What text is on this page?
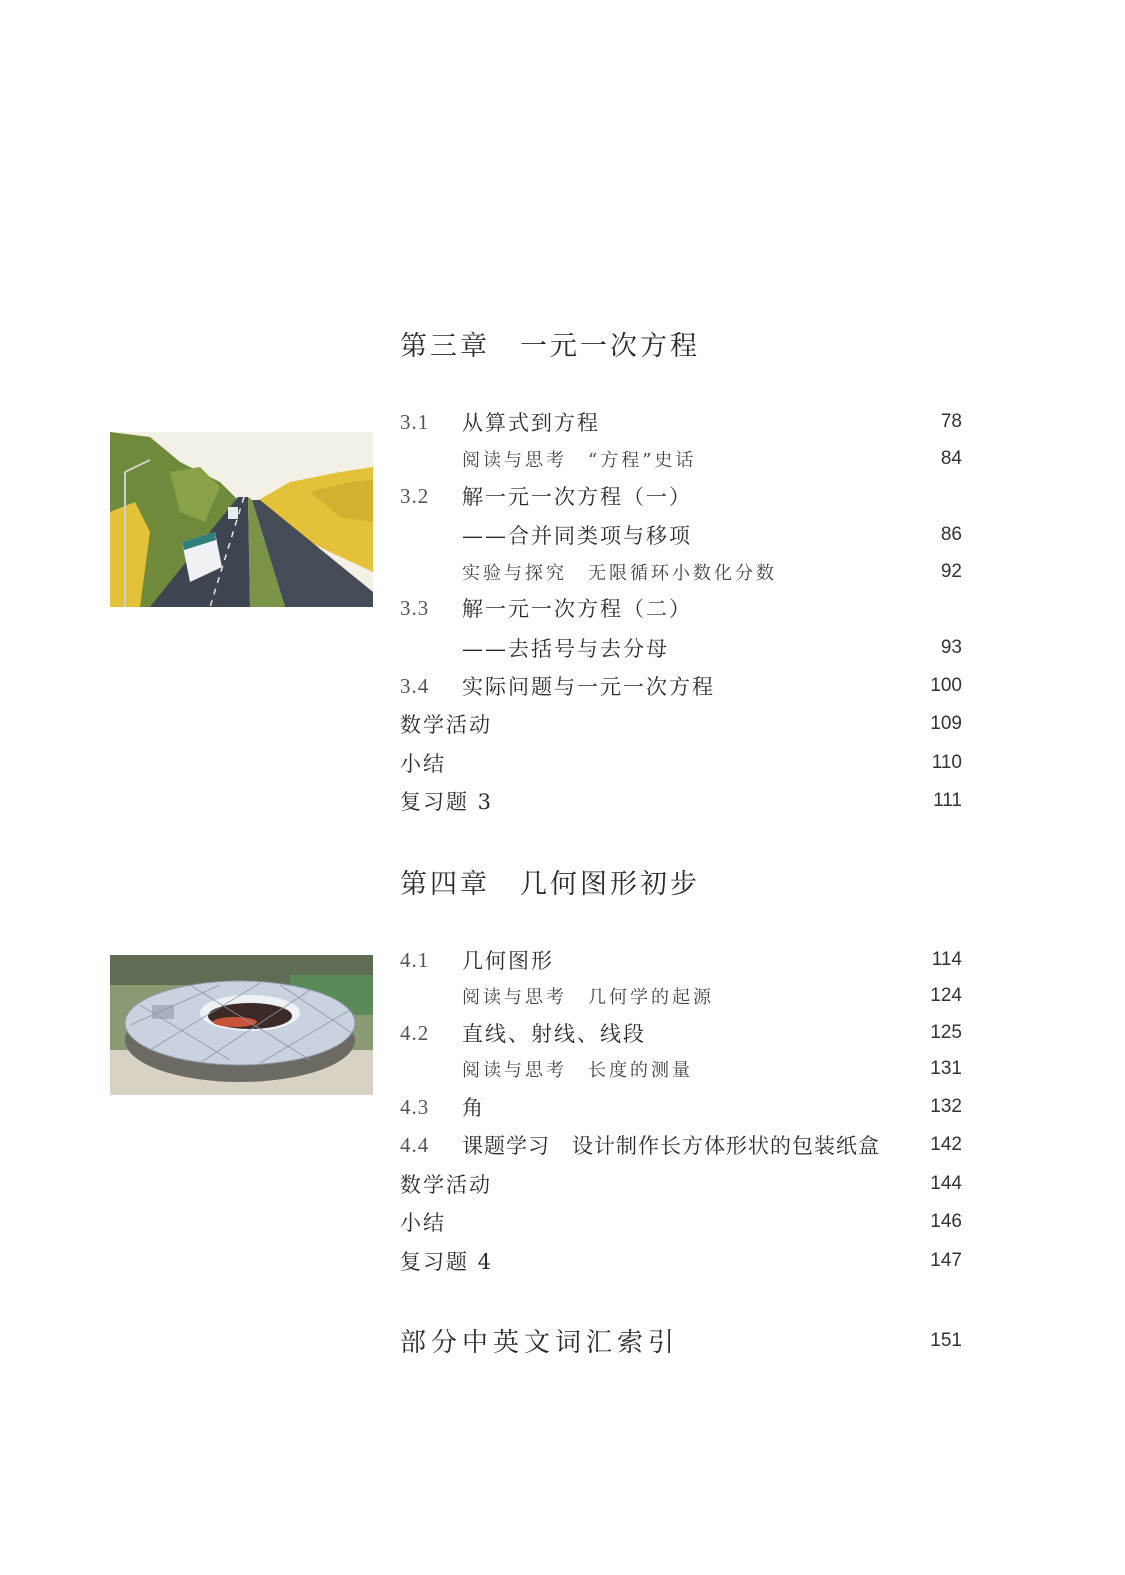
第三章 一元一次方程
3.1	从算式到方程	78
阅读与思考　“方程”史话	84
3.2	解一元一次方程（一）
——合并同类项与移项	86
实验与探究　无限循环小数化分数	92
3.3	解一元一次方程（二）
——去括号与去分母	93
3.4	实际问题与一元一次方程	100
数学活动	109
小结	110
复习题 3	111
第四章 几何图形初步
4.1	几何图形	114
阅读与思考　几何学的起源	124
4.2	直线、射线、线段	125
阅读与思考　长度的测量	131
4.3	角	132
4.4	课题学习　设计制作长方体形状的包装纸盒	142
数学活动	144
小结	146
复习题 4	147
部分中英文词汇索引	151
